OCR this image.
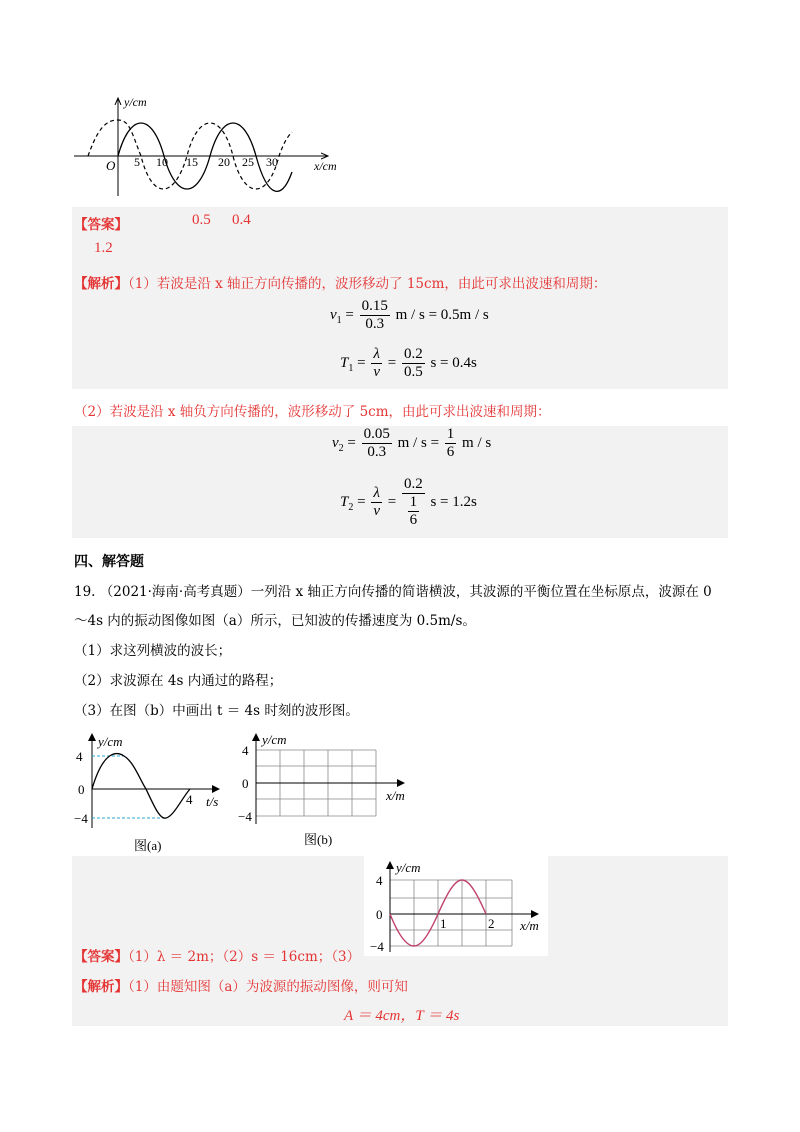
y/cm
x/cm
O 5 10 15 20 25 30
【答案】	0.5 0.4
1.2
【解析】（1）若波是沿 x 轴正方向传播的，波形移动了 15cm，由此可求出波速和周期：
$v_1 = \frac{0.15}{0.3}$ m / s = 0.5m / s
$T_1 = \frac{\lambda}{v} = \frac{0.2}{0.5}$ s = 0.4s
（2）若波是沿 x 轴负方向传播的，波形移动了 5cm，由此可求出波速和周期：
$v_2 = \frac{0.05}{0.3}$ $m / s = \frac{1}{6}$ m / s
$T_2 = \frac{\lambda}{v} = \frac{0.2}{\frac{1}{6}}$ s = 1.2s
四、解答题
19. （2021·海南·高考真题）一列沿 x 轴正方向传播的简谐横波，其波源的平衡位置在坐标原点，波源在 0
～4s 内的振动图像如图（a）所示，已知波的传播速度为 0.5m/s。
（1）求这列横波的波长；
（2）求波源在 4s 内通过的路程；
（3）在图（b）中画出 t ＝ 4s 时刻的波形图。
y/cm
t/s
4
0
−4
4
图(a)
y/cm
x/m
4
0
−4
图(b)
y/cm
x/m
4
0
−4
1	2
【答案】（1）λ ＝ 2m；（2）s ＝ 16cm；（3）
【解析】（1）由题知图（a）为波源的振动图像，则可知
A ＝ 4cm，T ＝ 4s
